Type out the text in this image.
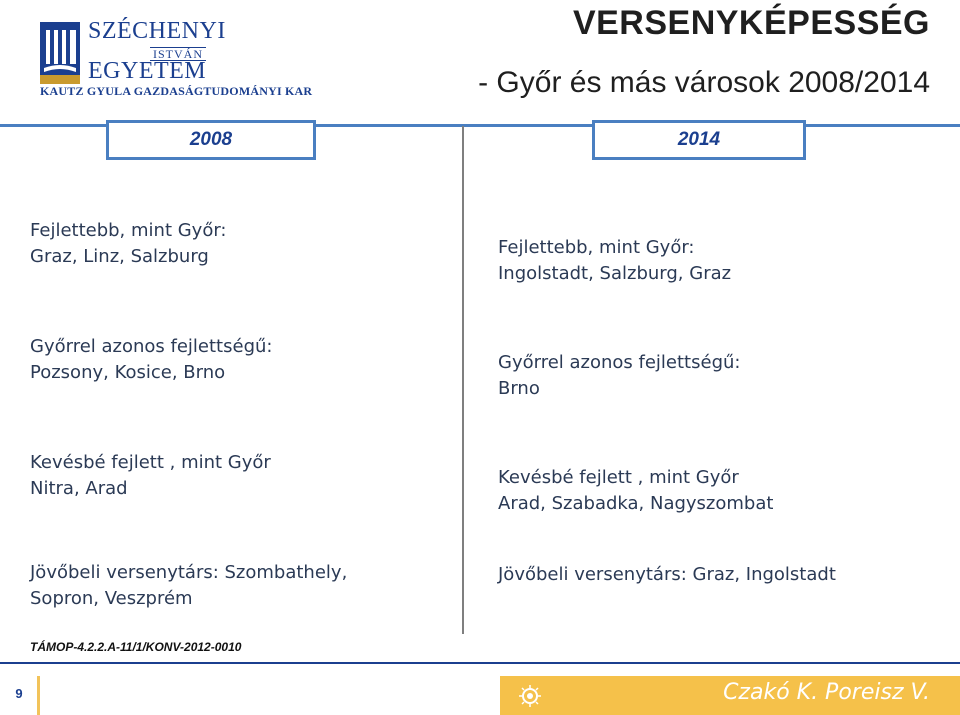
SZÉCHENYI
ISTVÁN
EGYETEM
KAUTZ GYULA GAZDASÁGTUDOMÁNYI KAR
VERSENYKÉPESSÉG
- Győr és más városok 2008/2014
2008	2014
Fejlettebb, mint Győr:
Graz, Linz, Salzburg
Győrrel azonos fejlettségű:
Pozsony, Kosice, Brno
Kevésbé fejlett , mint Győr
Nitra, Arad
Jövőbeli versenytárs: Szombathely,
Sopron, Veszprém
Fejlettebb, mint Győr:
Ingolstadt, Salzburg, Graz
Győrrel azonos fejlettségű:
Brno
Kevésbé fejlett , mint Győr
Arad, Szabadka, Nagyszombat
Jövőbeli versenytárs: Graz, Ingolstadt
TÁMOP-4.2.2.A-11/1/KONV-2012-0010
9	Czakó K. Poreisz V.
